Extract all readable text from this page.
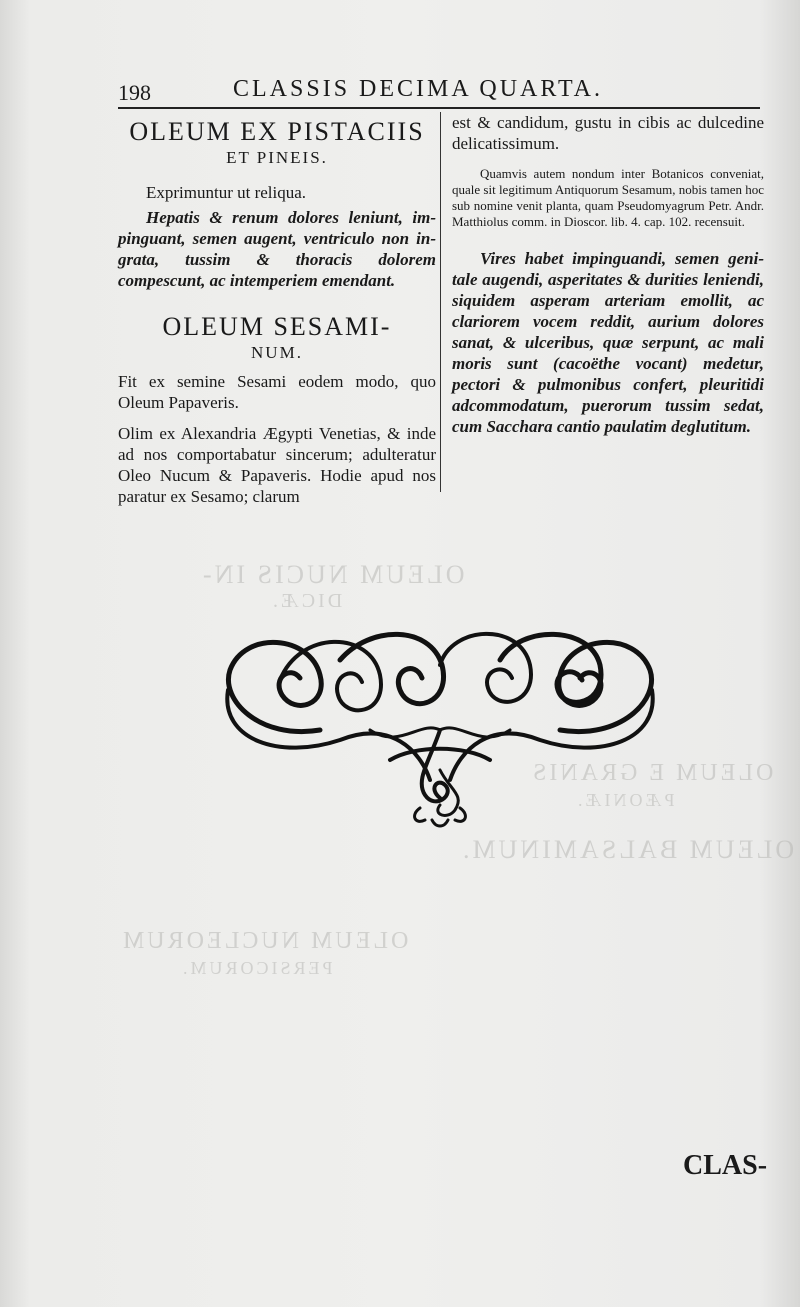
OLEUM NUCIS IN-
DICÆ.
OLEUM BALSAMINUM.
OLEUM NUCLEORUM
PERSICORUM.
OLEUM E GRANIS
PÆONIÆ.
198	CLASSIS DECIMA QUARTA.
OLEUM EX PISTACIIS
ET PINEIS.

Exprimuntur ut reliqua.

Hepatis & renum dolores leniunt, impinguant, semen augent, ventriculo non ingrata, tussim & thoracis dolorem compescunt, ac intemperiem emendant.

OLEUM SESAMI-
NUM.

Fit ex semine Sesami eodem modo, quo Oleum Papaveris.

Olim ex Alexandria Ægypti Venetias, & inde ad nos comportabatur sincerum; adulteratur Oleo Nucum & Papaveris. Hodie apud nos paratur ex Sesamo; clarum

est & candidum, gustu in cibis ac dulcedine delicatissimum.

Quamvis autem nondum inter Botanicos conveniat, quale sit legitimum Antiquorum Sesamum, nobis tamen hoc sub nomine venit planta, quam Pseudomyagrum Petr. Andr. Matthiolus comm. in Dioscor. lib. 4. cap. 102. recensuit.

Vires habet impinguandi, semen genitale augendi, asperitates & durities leniendi, siquidem asperam arteriam emollit, ac clariorem vocem reddit, aurium dolores sanat, & ulceribus, quæ serpunt, ac mali moris sunt (cacoëthe vocant) medetur, pectori & pulmonibus confert, pleuritidi adcommodatum, puerorum tussim sedat, cum Sacchara cantio paulatim deglutitum.

CLAS-
